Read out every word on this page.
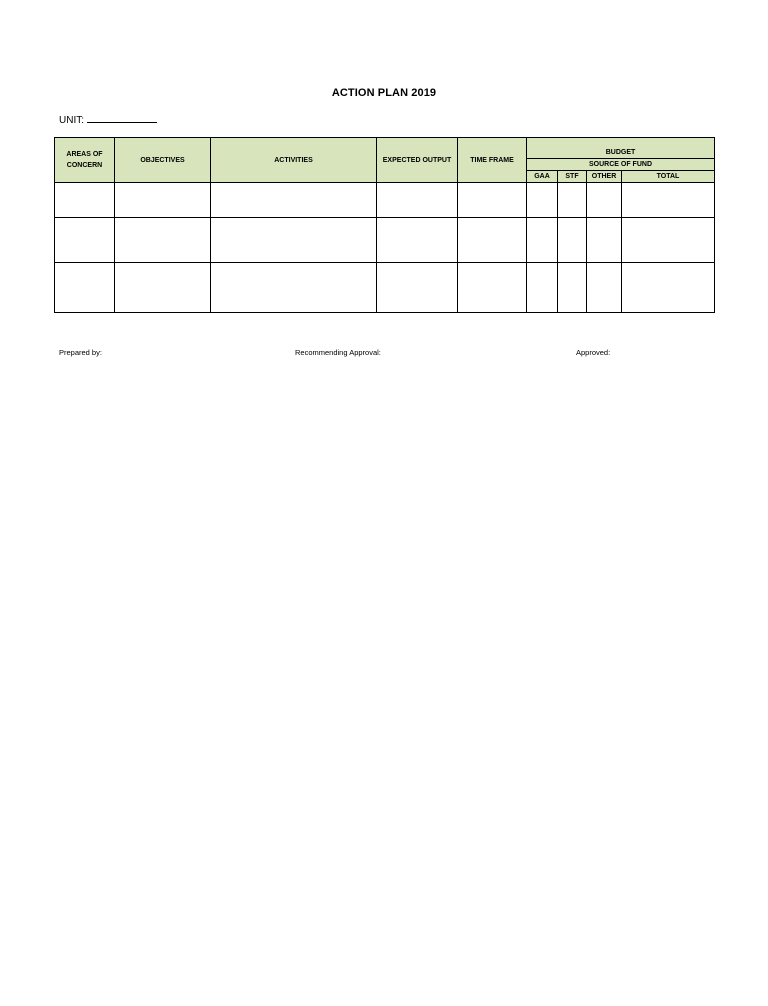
ACTION PLAN 2019
UNIT:
AREAS OF CONCERN	OBJECTIVES	ACTIVITIES	EXPECTED OUTPUT	TIME FRAME	BUDGET			
					SOURCE OF FUND			
					GAA	STF	OTHER	TOTAL

Prepared by:	Recommending Approval:	Approved:
